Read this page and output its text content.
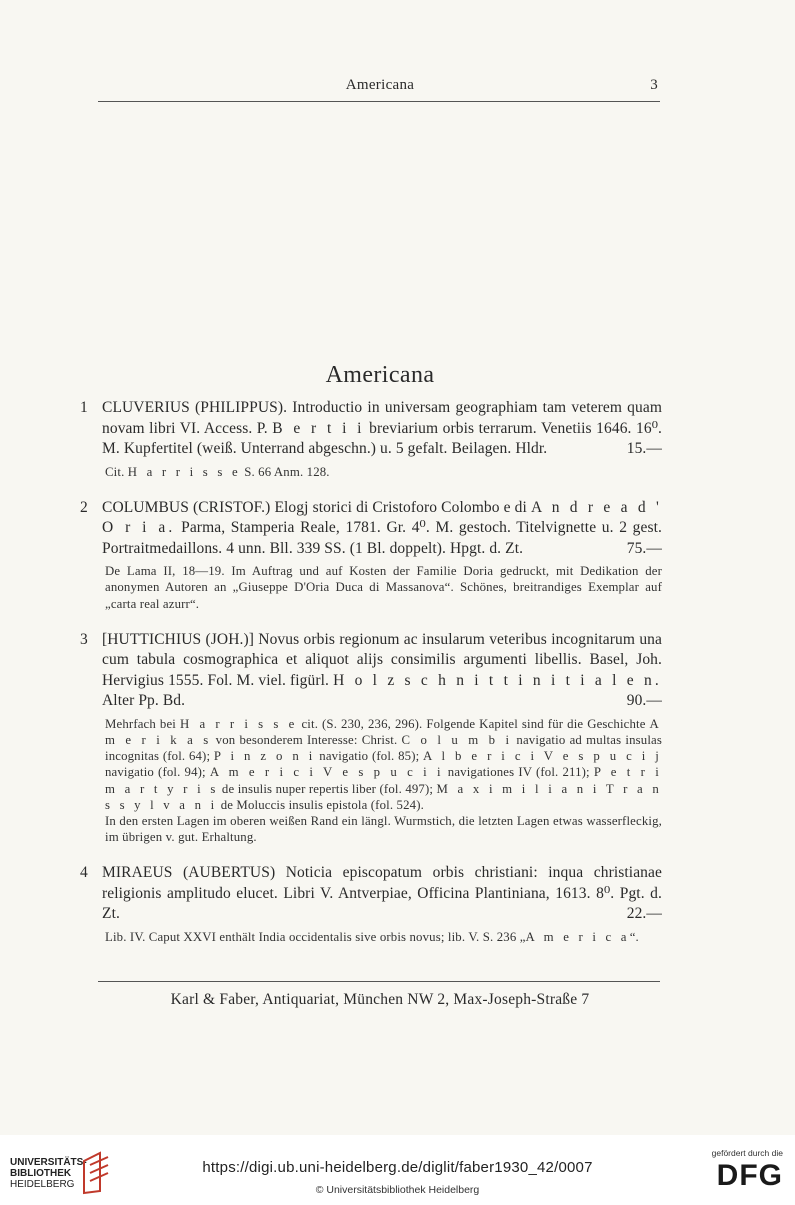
Americana	3
Americana
1 CLUVERIUS (PHILIPPUS). Introductio in universam geographiam tam veterem quam novam libri VI. Access. P. B e r t i i breviarium orbis terrarum. Venetiis 1646. 16⁰. M. Kupfertitel (weiß. Unterrand abgeschn.) u. 5 gefalt. Beilagen. Hldr.	15.—

Cit. H a r r i s s e S. 66 Anm. 128.

2 COLUMBUS (CRISTOF.) Elogj storici di Cristoforo Colombo e di A n d r e a d ' O r i a. Parma, Stamperia Reale, 1781. Gr. 4⁰. M. gestoch. Titelvignette u. 2 gest. Portraitmedaillons. 4 unn. Bll. 339 SS. (1 Bl. doppelt). Hpgt. d. Zt.	75.—

De Lama II, 18—19. Im Auftrag und auf Kosten der Familie Doria gedruckt, mit Dedikation der anonymen Autoren an „Giuseppe D'Oria Duca di Massanova“. Schönes, breitrandiges Exemplar auf „carta real azurr“.

3 [HUTTICHIUS (JOH.)] Novus orbis regionum ac insularum veteribus incognitarum una cum tabula cosmographica et aliquot alijs consimilis argumenti libellis. Basel, Joh. Hervigius 1555. Fol. M. viel. figürl. H o l z s c h n i t t i n i t i a l e n. Alter Pp. Bd.	90.—

Mehrfach bei H a r r i s s e cit. (S. 230, 236, 296). Folgende Kapitel sind für die Geschichte A m e r i k a s von besonderem Interesse: Christ. C o l u m b i navigatio ad multas insulas incognitas (fol. 64); P i n z o n i navigatio (fol. 85); A l b e r i c i V e s p u c i j navigatio (fol. 94); A m e r i c i V e s p u c i i navigationes IV (fol. 211); P e t r i m a r t y r i s de insulis nuper repertis liber (fol. 497); M a x i m i l i a n i T r a n s s y l v a n i de Moluccis insulis epistola (fol. 524).

In den ersten Lagen im oberen weißen Rand ein längl. Wurmstich, die letzten Lagen etwas wasserfleckig, im übrigen v. gut. Erhaltung.

4 MIRAEUS (AUBERTUS) Noticia episcopatum orbis christiani: inqua christianae religionis amplitudo elucet. Libri V. Antverpiae, Officina Plantiniana, 1613. 8⁰. Pgt. d. Zt.	22.—

Lib. IV. Caput XXVI enthält India occidentalis sive orbis novus; lib. V. S. 236 „A m e r i c a“.

Karl & Faber, Antiquariat, München NW 2, Max-Joseph-Straße 7
UNIVERSITÄTS-
BIBLIOTHEK
HEIDELBERG
https://digi.ub.uni-heidelberg.de/diglit/faber1930_42/0007
© Universitätsbibliothek Heidelberg
gefördert durch die
DFG
